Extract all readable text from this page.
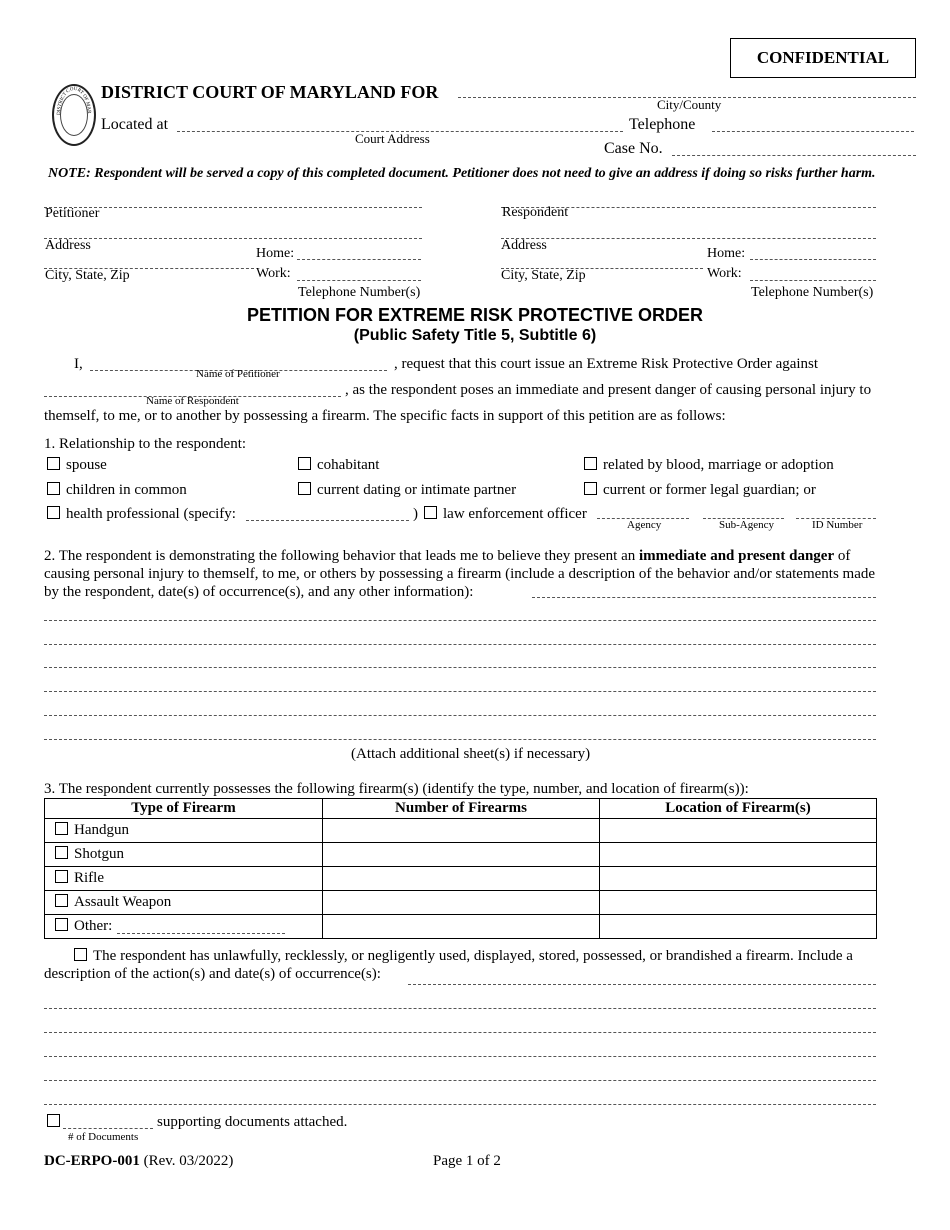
CONFIDENTIAL
DISTRICT COURT OF MAR
DISTRICT COURT OF MARYLAND FOR
City/County
Located at
Court Address
Telephone
Case No.
NOTE: Respondent will be served a copy of this completed document. Petitioner does not need to give an address if doing so risks further harm.
Petitioner
Address
City, State, Zip
Home:
Work:
Telephone Number(s)
Respondent
Address
City, State, Zip
Home:
Work:
Telephone Number(s)
PETITION FOR EXTREME RISK PROTECTIVE ORDER
(Public Safety Title 5, Subtitle 6)
I,
Name of Petitioner
, request that this court issue an Extreme Risk Protective Order against
Name of Respondent
, as the respondent poses an immediate and present danger of causing personal injury to
themself, to me, or to another by possessing a firearm. The specific facts in support of this petition are as follows:
1. Relationship to the respondent:
spouse	cohabitant	related by blood, marriage or adoption
children in common	current dating or intimate partner	current or former legal guardian; or
health professional (specify:	)	law enforcement officer
Agency	Sub-Agency	ID Number
2. The respondent is demonstrating the following behavior that leads me to believe they present an immediate and present danger of causing personal injury to themself, to me, or others by possessing a firearm (include a description of the behavior and/or statements made by the respondent, date(s) of occurrence(s), and any other information):
(Attach additional sheet(s) if necessary)
3. The respondent currently possesses the following firearm(s) (identify the type, number, and location of firearm(s)):
Type of Firearm	Number of Firearms	Location of Firearm(s)
Handgun		
Shotgun		
Rifle		
Assault Weapon		
Other:

The respondent has unlawfully, recklessly, or negligently used, displayed, stored, possessed, or brandished a firearm. Include a description of the action(s) and date(s) of occurrence(s):
supporting documents attached.
# of Documents
DC-ERPO-001 (Rev. 03/2022)	Page 1 of 2
